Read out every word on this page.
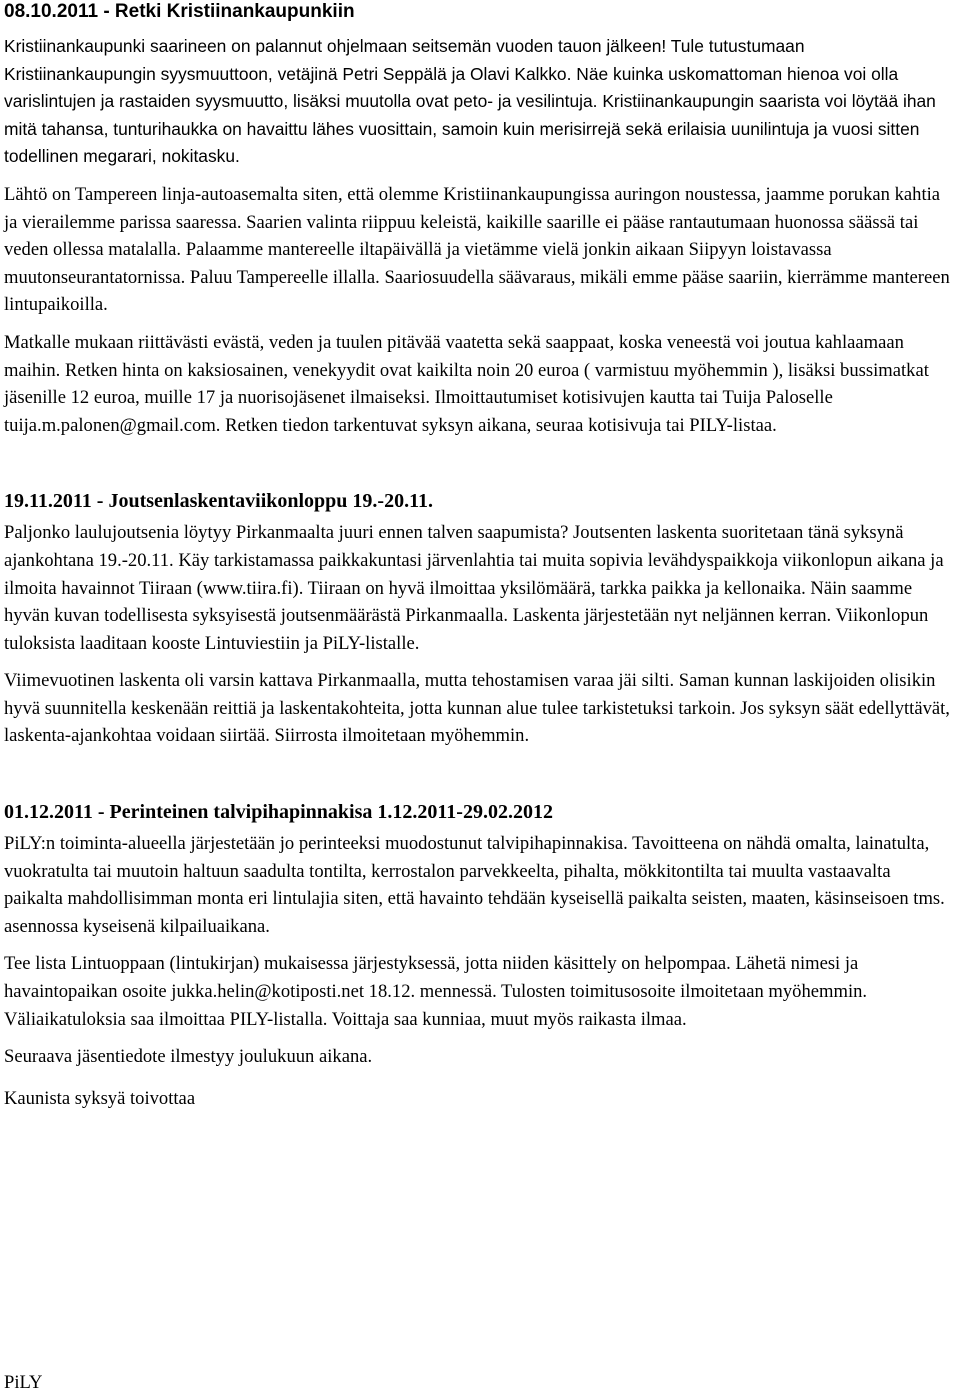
08.10.2011 - Retki Kristiinankaupunkiin

Kristiinankaupunki saarineen on palannut ohjelmaan seitsemän vuoden tauon jälkeen! Tule tutustumaan Kristiinankaupungin syysmuuttoon, vetäjinä Petri Seppälä ja Olavi Kalkko. Näe kuinka uskomattoman hienoa voi olla varislintujen ja rastaiden syysmuutto, lisäksi muutolla ovat peto- ja vesilintuja. Kristiinankaupungin saarista voi löytää ihan mitä tahansa, tunturihaukka on havaittu lähes vuosittain, samoin kuin merisirrejä sekä erilaisia uunilintuja ja vuosi sitten todellinen megarari, nokitasku.

Lähtö on Tampereen linja-autoasemalta siten, että olemme Kristiinankaupungissa auringon noustessa, jaamme porukan kahtia ja vierailemme parissa saaressa. Saarien valinta riippuu keleistä, kaikille saarille ei pääse rantautumaan huonossa säässä tai veden ollessa matalalla. Palaamme mantereelle iltapäivällä ja vietämme vielä jonkin aikaan Siipyyn loistavassa muutonseurantatornissa. Paluu Tampereelle illalla. Saariosuudella säävaraus, mikäli emme pääse saariin, kierrämme mantereen lintupaikoilla.

Matkalle mukaan riittävästi evästä, veden ja tuulen pitävää vaatetta sekä saappaat, koska veneestä voi joutua kahlaamaan maihin. Retken hinta on kaksiosainen, venekyydit ovat kaikilta noin 20 euroa ( varmistuu myöhemmin ), lisäksi bussimatkat jäsenille 12 euroa, muille 17 ja nuorisojäsenet ilmaiseksi. Ilmoittautumiset kotisivujen kautta tai Tuija Paloselle tuija.m.palonen@gmail.com. Retken tiedon tarkentuvat syksyn aikana, seuraa kotisivuja tai PILY-listaa.

19.11.2011 - Joutsenlaskentaviikonloppu 19.-20.11.

Paljonko laulujoutsenia löytyy Pirkanmaalta juuri ennen talven saapumista? Joutsenten laskenta suoritetaan tänä syksynä ajankohtana 19.-20.11. Käy tarkistamassa paikkakuntasi järvenlahtia tai muita sopivia levähdyspaikkoja viikonlopun aikana ja ilmoita havainnot Tiiraan (www.tiira.fi). Tiiraan on hyvä ilmoittaa yksilömäärä, tarkka paikka ja kellonaika. Näin saamme hyvän kuvan todellisesta syksyisestä joutsenmäärästä Pirkanmaalla. Laskenta järjestetään nyt neljännen kerran. Viikonlopun tuloksista laaditaan kooste Lintuviestiin ja PiLY-listalle.

Viimevuotinen laskenta oli varsin kattava Pirkanmaalla, mutta tehostamisen varaa jäi silti. Saman kunnan laskijoiden olisikin hyvä suunnitella keskenään reittiä ja laskentakohteita, jotta kunnan alue tulee tarkistetuksi tarkoin. Jos syksyn säät edellyttävät, laskenta-ajankohtaa voidaan siirtää. Siirrosta ilmoitetaan myöhemmin.

01.12.2011 - Perinteinen talvipihapinnakisa 1.12.2011-29.02.2012

PiLY:n toiminta-alueella järjestetään jo perinteeksi muodostunut talvipihapinnakisa. Tavoitteena on nähdä omalta, lainatulta, vuokratulta tai muutoin haltuun saadulta tontilta, kerrostalon parvekkeelta, pihalta, mökkitontilta tai muulta vastaavalta paikalta mahdollisimman monta eri lintulajia siten, että havainto tehdään kyseisellä paikalta seisten, maaten, käsinseisoen tms. asennossa kyseisenä kilpailuaikana.

Tee lista Lintuoppaan (lintukirjan) mukaisessa järjestyksessä, jotta niiden käsittely on helpompaa. Lähetä nimesi ja havaintopaikan osoite jukka.helin@kotiposti.net 18.12. mennessä. Tulosten toimitusosoite ilmoitetaan myöhemmin. Väliaikatuloksia saa ilmoittaa PILY-listalla. Voittaja saa kunniaa, muut myös raikasta ilmaa.

Seuraava jäsentiedote ilmestyy joulukuun aikana.

Kaunista syksyä toivottaa

PiLY
